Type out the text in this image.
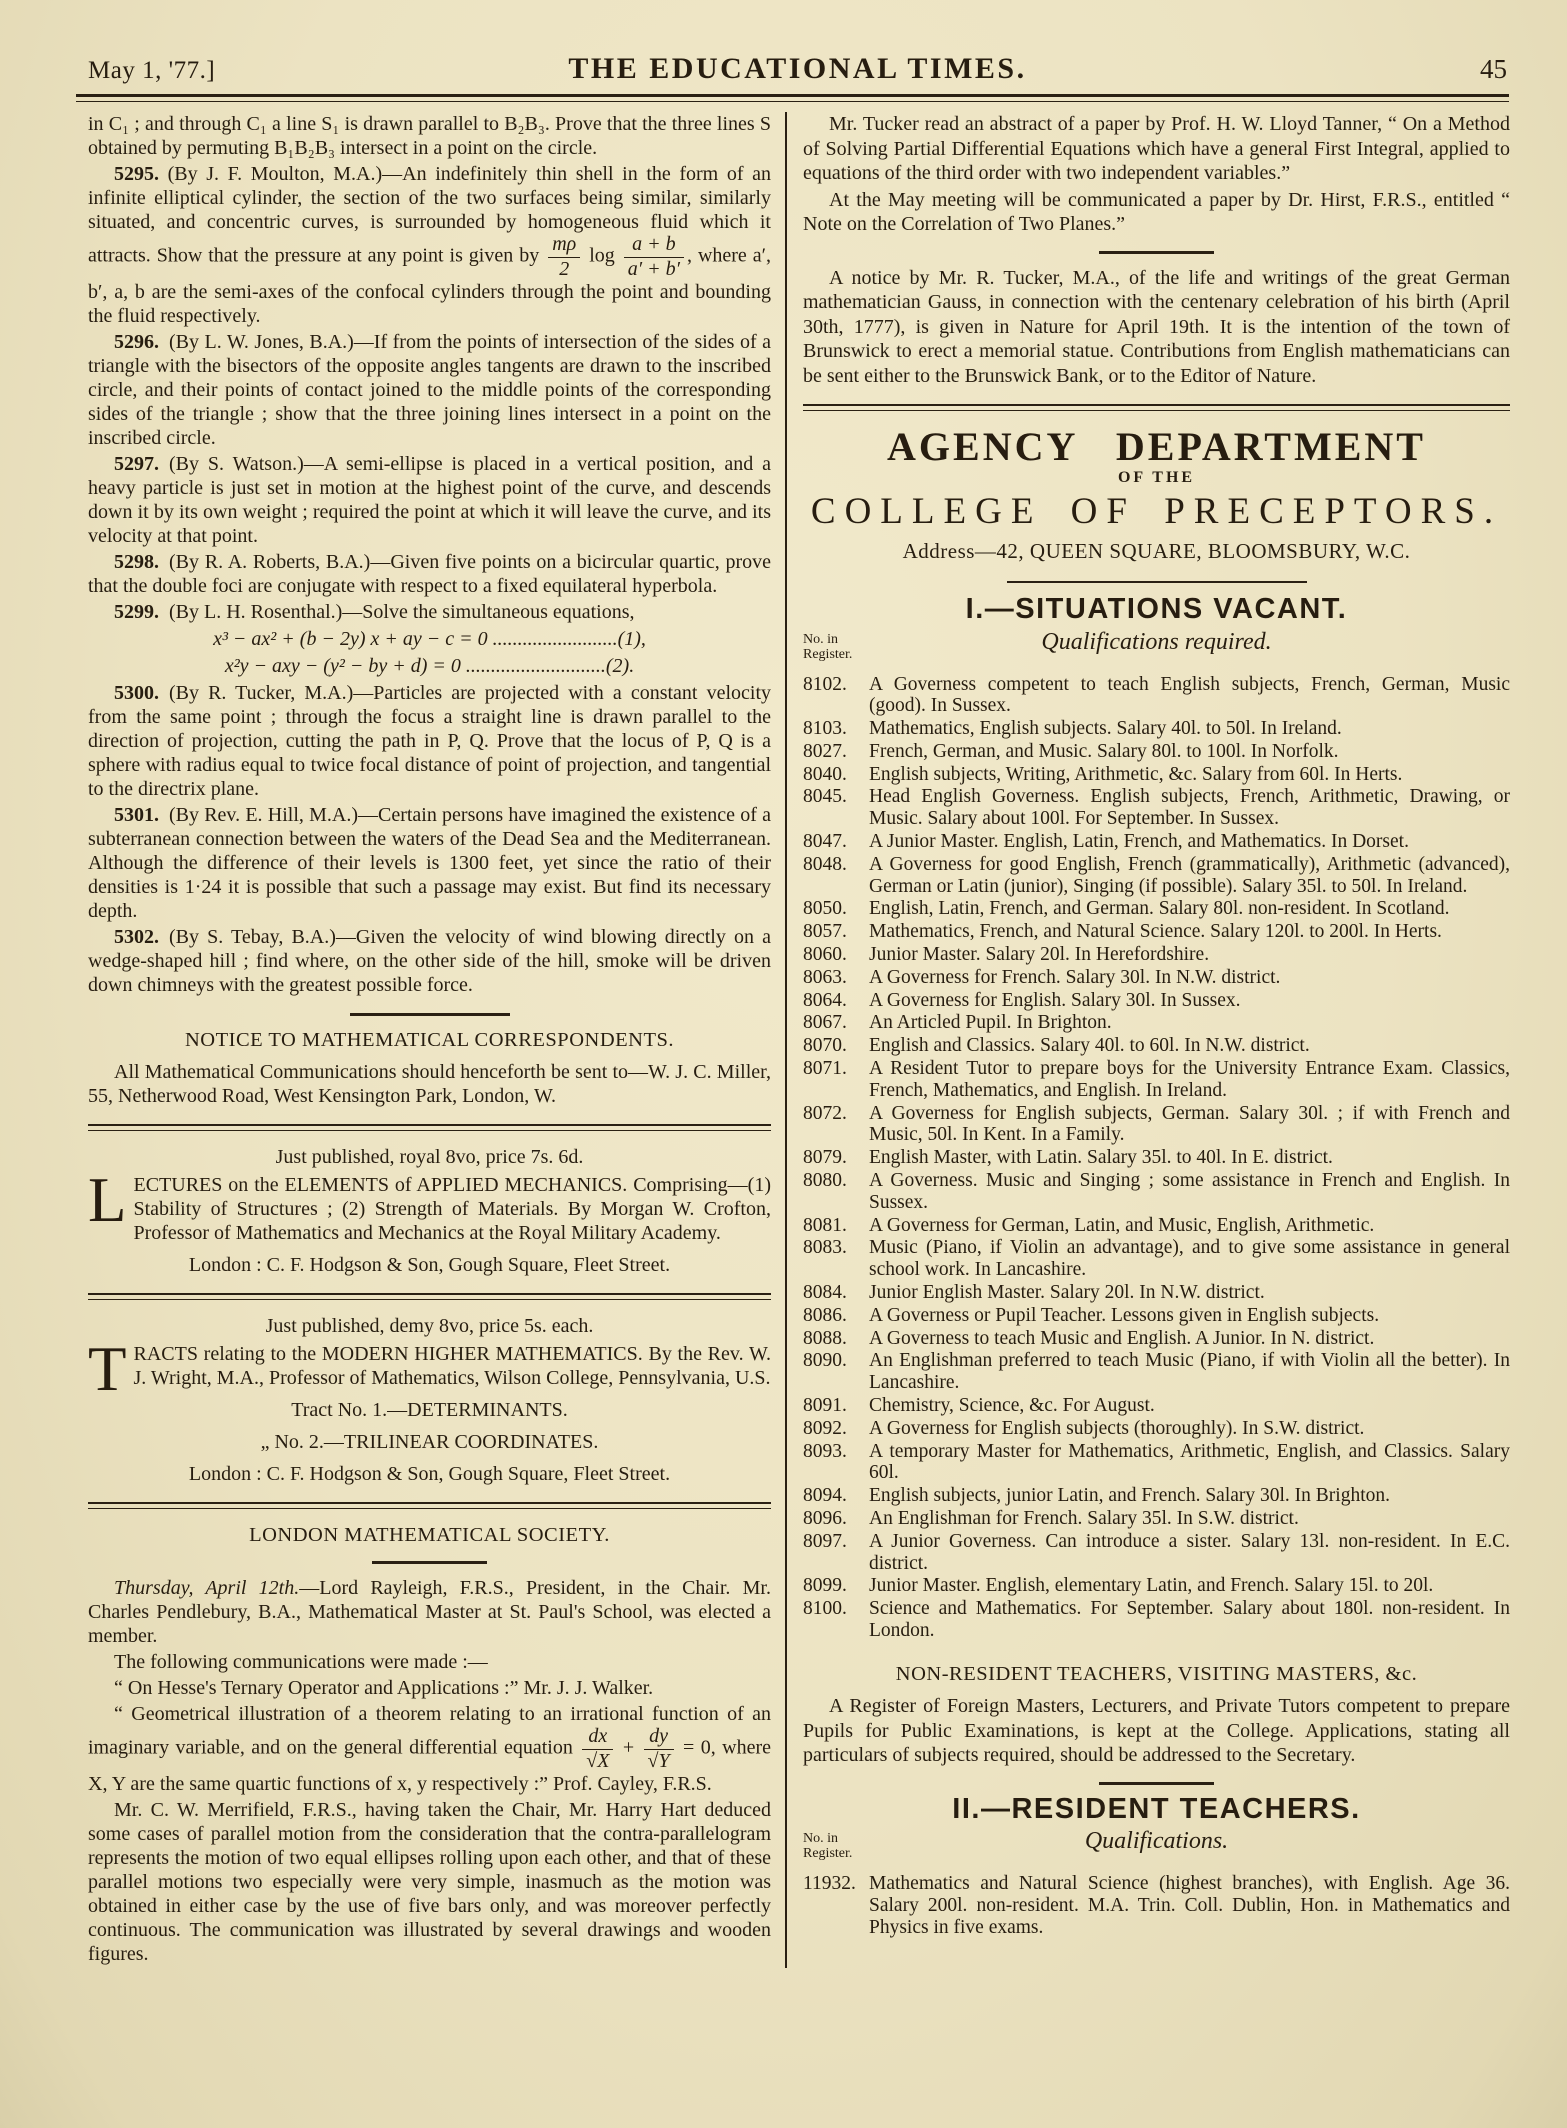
May 1, '77.]	THE EDUCATIONAL TIMES.	45

in C₁ ; and through C₁ a line S₁ is drawn parallel to B₂B₃. Prove that the three lines S obtained by permuting B₁B₂B₃ intersect in a point on the circle.

5295. (By J. F. Moulton, M.A.)—An indefinitely thin shell in the form of an infinite elliptical cylinder, the section of the two surfaces being similar, similarly situated, and concentric curves, is surrounded by homogeneous fluid which it attracts. Show that the pressure at any point is given by $\frac{m\rho}{2}$ $\log \frac{a + b}{a' + b'}$ , where a′, b′, a, b are the semi-axes of the confocal cylinders through the point and bounding the fluid respectively.

5296.  (By L. W. Jones, B.A.)—If from the points of intersection of the sides of a triangle with the bisectors of the opposite angles tangents are drawn to the inscribed circle, and their points of contact joined to the middle points of the corresponding sides of the triangle ; show that the three joining lines intersect in a point on the inscribed circle.

5297.  (By S. Watson.)—A semi-ellipse is placed in a vertical position, and a heavy particle is just set in motion at the highest point of the curve, and descends down it by its own weight ; required the point at which it will leave the curve, and its velocity at that point.

5298.  (By R. A. Roberts, B.A.)—Given five points on a bicircular quartic, prove that the double foci are conjugate with respect to a fixed equilateral hyperbola.

5299.  (By L. H. Rosenthal.)—Solve the simultaneous equations,

x³ − ax² + (b − 2y) x + ay − c = 0 .........................(1),
x²y − axy − (y² − by + d) = 0 ............................(2).

5300.  (By R. Tucker, M.A.)—Particles are projected with a constant velocity from the same point ; through the focus a straight line is drawn parallel to the direction of projection, cutting the path in P, Q. Prove that the locus of P, Q is a sphere with radius equal to twice focal distance of point of projection, and tangential to the directrix plane.

5301.  (By Rev. E. Hill, M.A.)—Certain persons have imagined the existence of a subterranean connection between the waters of the Dead Sea and the Mediterranean. Although the difference of their levels is 1300 feet, yet since the ratio of their densities is 1·24 it is possible that such a passage may exist. But find its necessary depth.

5302.  (By S. Tebay, B.A.)—Given the velocity of wind blowing directly on a wedge-shaped hill ; find where, on the other side of the hill, smoke will be driven down chimneys with the greatest possible force.

NOTICE TO MATHEMATICAL CORRESPONDENTS.

All Mathematical Communications should henceforth be sent to—W. J. C. Miller, 55, Netherwood Road, West Kensington Park, London, W.

Just published, royal 8vo, price 7s. 6d.

LECTURES on the ELEMENTS of APPLIED MECHANICS. Comprising—(1) Stability of Structures ; (2) Strength of Materials. By Morgan W. Crofton, Professor of Mathematics and Mechanics at the Royal Military Academy.

London : C. F. Hodgson & Son, Gough Square, Fleet Street.

Just published, demy 8vo, price 5s. each.

TRACTS relating to the MODERN HIGHER MATHEMATICS. By the Rev. W. J. Wright, M.A., Professor of Mathematics, Wilson College, Pennsylvania, U.S.

Tract No. 1.—DETERMINANTS.

„ No. 2.—TRILINEAR COORDINATES.

London : C. F. Hodgson & Son, Gough Square, Fleet Street.

LONDON MATHEMATICAL SOCIETY.

Thursday, April 12th.—Lord Rayleigh, F.R.S., President, in the Chair. Mr. Charles Pendlebury, B.A., Mathematical Master at St. Paul's School, was elected a member.

The following communications were made :—

“ On Hesse's Ternary Operator and Applications :” Mr. J. J. Walker.

“ Geometrical illustration of a theorem relating to an irrational function of an imaginary variable, and on the general differential equation $\frac{dx}{√X} + \frac{dy}{√Y} = 0$, where X, Y are the same quartic functions of x, y respectively :” Prof. Cayley, F.R.S.

Mr. C. W. Merrifield, F.R.S., having taken the Chair, Mr. Harry Hart deduced some cases of parallel motion from the consideration that the contra-parallelogram represents the motion of two equal ellipses rolling upon each other, and that of these parallel motions two especially were very simple, inasmuch as the motion was obtained in either case by the use of five bars only, and was moreover perfectly continuous. The communication was illustrated by several drawings and wooden figures.

Mr. Tucker read an abstract of a paper by Prof. H. W. Lloyd Tanner, “ On a Method of Solving Partial Differential Equations which have a general First Integral, applied to equations of the third order with two independent variables.”

At the May meeting will be communicated a paper by Dr. Hirst, F.R.S., entitled “ Note on the Correlation of Two Planes.”

A notice by Mr. R. Tucker, M.A., of the life and writings of the great German mathematician Gauss, in connection with the centenary celebration of his birth (April 30th, 1777), is given in Nature for April 19th. It is the intention of the town of Brunswick to erect a memorial statue. Contributions from English mathematicians can be sent either to the Brunswick Bank, or to the Editor of Nature.

AGENCY DEPARTMENT
OF THE
COLLEGE OF PRECEPTORS.
Address—42, QUEEN SQUARE, BLOOMSBURY, W.C.
I.—SITUATIONS VACANT.
No. in
Register.	Qualifications required.
8102. A Governess competent to teach English subjects, French, German, Music (good). In Sussex.
8103. Mathematics, English subjects. Salary 40l. to 50l. In Ireland.
8027. French, German, and Music. Salary 80l. to 100l. In Norfolk.
8040. English subjects, Writing, Arithmetic, &c. Salary from 60l. In Herts.
8045. Head English Governess. English subjects, French, Arithmetic, Drawing, or Music. Salary about 100l. For September. In Sussex.
8047. A Junior Master. English, Latin, French, and Mathematics. In Dorset.
8048. A Governess for good English, French (grammatically), Arithmetic (advanced), German or Latin (junior), Singing (if possible). Salary 35l. to 50l. In Ireland.
8050. English, Latin, French, and German. Salary 80l. non-resident. In Scotland.
8057. Mathematics, French, and Natural Science. Salary 120l. to 200l. In Herts.
8060. Junior Master. Salary 20l. In Herefordshire.
8063. A Governess for French. Salary 30l. In N.W. district.
8064. A Governess for English. Salary 30l. In Sussex.
8067. An Articled Pupil. In Brighton.
8070. English and Classics. Salary 40l. to 60l. In N.W. district.
8071. A Resident Tutor to prepare boys for the University Entrance Exam. Classics, French, Mathematics, and English. In Ireland.
8072. A Governess for English subjects, German. Salary 30l. ; if with French and Music, 50l. In Kent. In a Family.
8079. English Master, with Latin. Salary 35l. to 40l. In E. district.
8080. A Governess. Music and Singing ; some assistance in French and English. In Sussex.
8081. A Governess for German, Latin, and Music, English, Arithmetic.
8083. Music (Piano, if Violin an advantage), and to give some assistance in general school work. In Lancashire.
8084. Junior English Master. Salary 20l. In N.W. district.
8086. A Governess or Pupil Teacher. Lessons given in English subjects.
8088. A Governess to teach Music and English. A Junior. In N. district.
8090. An Englishman preferred to teach Music (Piano, if with Violin all the better). In Lancashire.
8091. Chemistry, Science, &c. For August.
8092. A Governess for English subjects (thoroughly). In S.W. district.
8093. A temporary Master for Mathematics, Arithmetic, English, and Classics. Salary 60l.
8094. English subjects, junior Latin, and French. Salary 30l. In Brighton.
8096. An Englishman for French. Salary 35l. In S.W. district.
8097. A Junior Governess. Can introduce a sister. Salary 13l. non-resident. In E.C. district.
8099. Junior Master. English, elementary Latin, and French. Salary 15l. to 20l.
8100. Science and Mathematics. For September. Salary about 180l. non-resident. In London.
NON-RESIDENT TEACHERS, VISITING MASTERS, &c.

A Register of Foreign Masters, Lecturers, and Private Tutors competent to prepare Pupils for Public Examinations, is kept at the College. Applications, stating all particulars of subjects required, should be addressed to the Secretary.

II.—RESIDENT TEACHERS.
No. in
Register.	Qualifications.
11932. Mathematics and Natural Science (highest branches), with English. Age 36. Salary 200l. non-resident. M.A. Trin. Coll. Dublin, Hon. in Mathematics and Physics in five exams.
